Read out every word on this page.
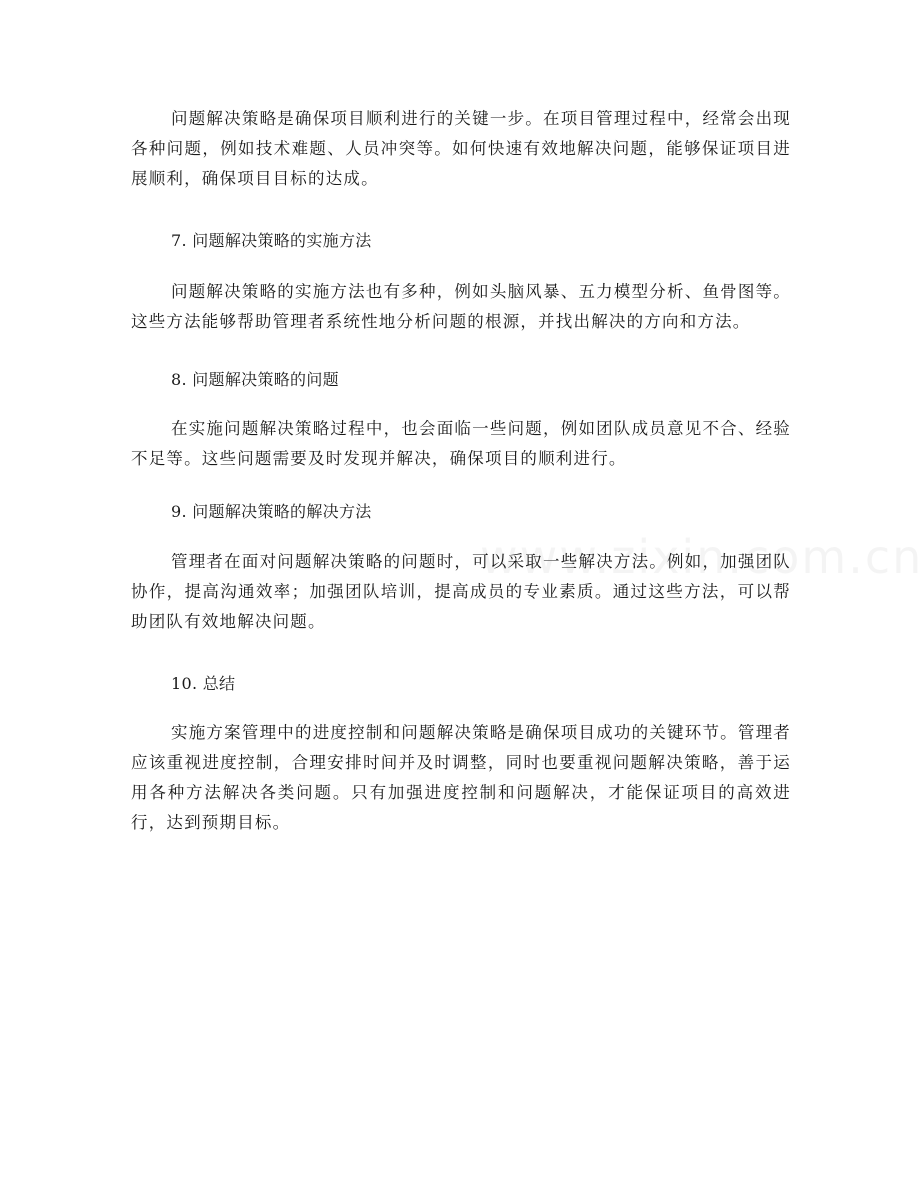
问题解决策略是确保项目顺利进行的关键一步。在项目管理过程中，经常会出现各种问题，例如技术难题、人员冲突等。如何快速有效地解决问题，能够保证项目进展顺利，确保项目目标的达成。

7. 问题解决策略的实施方法

问题解决策略的实施方法也有多种，例如头脑风暴、五力模型分析、鱼骨图等。这些方法能够帮助管理者系统性地分析问题的根源，并找出解决的方向和方法。

8. 问题解决策略的问题

在实施问题解决策略过程中，也会面临一些问题，例如团队成员意见不合、经验不足等。这些问题需要及时发现并解决，确保项目的顺利进行。

9. 问题解决策略的解决方法

管理者在面对问题解决策略的问题时，可以采取一些解决方法。例如，加强团队协作，提高沟通效率；加强团队培训，提高成员的专业素质。通过这些方法，可以帮助团队有效地解决问题。

10. 总结

实施方案管理中的进度控制和问题解决策略是确保项目成功的关键环节。管理者应该重视进度控制，合理安排时间并及时调整，同时也要重视问题解决策略，善于运用各种方法解决各类问题。只有加强进度控制和问题解决，才能保证项目的高效进行，达到预期目标。
